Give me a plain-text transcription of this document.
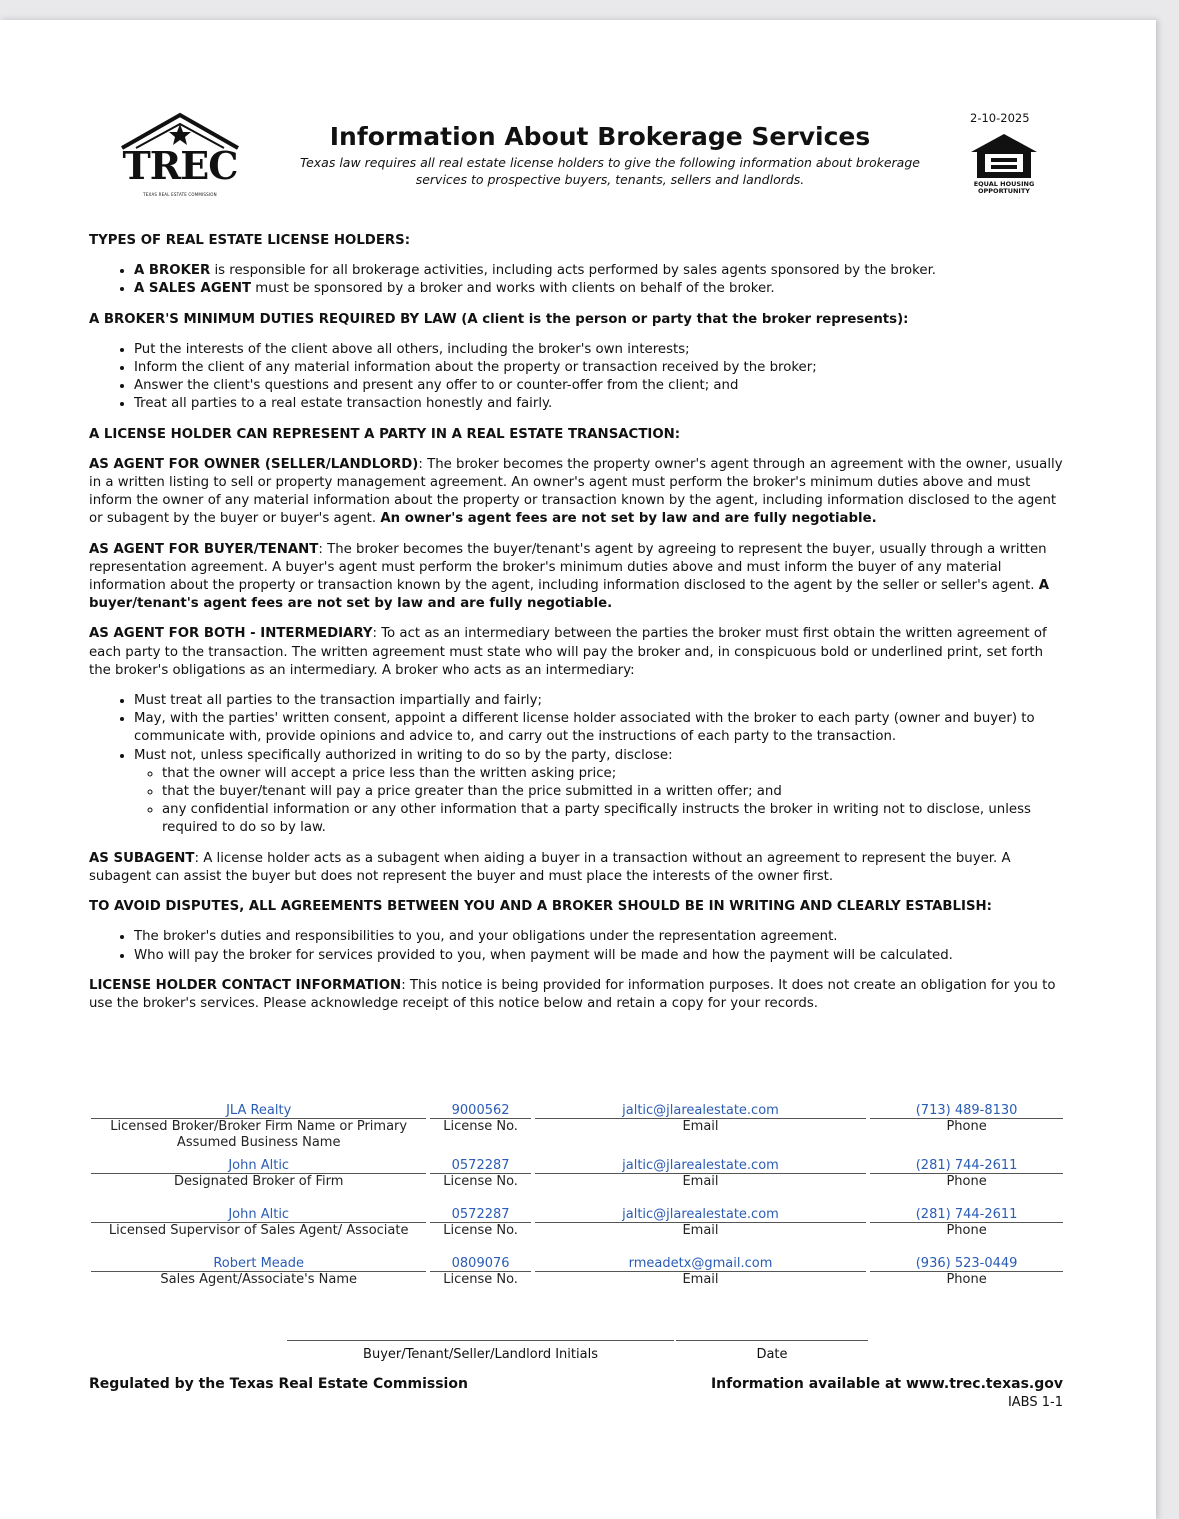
TREC
TEXAS REAL ESTATE COMMISSION
Information About Brokerage Services
Texas law requires all real estate license holders to give the following information about brokerage services to prospective buyers, tenants, sellers and landlords.
2-10-2025
EQUAL HOUSING OPPORTUNITY
TYPES OF REAL ESTATE LICENSE HOLDERS:
• A BROKER is responsible for all brokerage activities, including acts performed by sales agents sponsored by the broker.
• A SALES AGENT must be sponsored by a broker and works with clients on behalf of the broker.
A BROKER'S MINIMUM DUTIES REQUIRED BY LAW (A client is the person or party that the broker represents):
• Put the interests of the client above all others, including the broker's own interests;
• Inform the client of any material information about the property or transaction received by the broker;
• Answer the client's questions and present any offer to or counter-offer from the client; and
• Treat all parties to a real estate transaction honestly and fairly.
A LICENSE HOLDER CAN REPRESENT A PARTY IN A REAL ESTATE TRANSACTION:

AS AGENT FOR OWNER (SELLER/LANDLORD): The broker becomes the property owner's agent through an agreement with the owner, usually in a written listing to sell or property management agreement. An owner's agent must perform the broker's minimum duties above and must inform the owner of any material information about the property or transaction known by the agent, including information disclosed to the agent or subagent by the buyer or buyer's agent. An owner's agent fees are not set by law and are fully negotiable.

AS AGENT FOR BUYER/TENANT: The broker becomes the buyer/tenant's agent by agreeing to represent the buyer, usually through a written representation agreement. A buyer's agent must perform the broker's minimum duties above and must inform the buyer of any material information about the property or transaction known by the agent, including information disclosed to the agent by the seller or seller's agent. A buyer/tenant's agent fees are not set by law and are fully negotiable.

AS AGENT FOR BOTH - INTERMEDIARY: To act as an intermediary between the parties the broker must first obtain the written agreement of each party to the transaction. The written agreement must state who will pay the broker and, in conspicuous bold or underlined print, set forth the broker's obligations as an intermediary. A broker who acts as an intermediary:

• Must treat all parties to the transaction impartially and fairly;
• May, with the parties' written consent, appoint a different license holder associated with the broker to each party (owner and buyer) to communicate with, provide opinions and advice to, and carry out the instructions of each party to the transaction.
• Must not, unless specifically authorized in writing to do so by the party, disclose:
◦ that the owner will accept a price less than the written asking price;
◦ that the buyer/tenant will pay a price greater than the price submitted in a written offer; and
◦ any confidential information or any other information that a party specifically instructs the broker in writing not to disclose, unless required to do so by law.

AS SUBAGENT: A license holder acts as a subagent when aiding a buyer in a transaction without an agreement to represent the buyer. A subagent can assist the buyer but does not represent the buyer and must place the interests of the owner first.

TO AVOID DISPUTES, ALL AGREEMENTS BETWEEN YOU AND A BROKER SHOULD BE IN WRITING AND CLEARLY ESTABLISH:
• The broker's duties and responsibilities to you, and your obligations under the representation agreement.
• Who will pay the broker for services provided to you, when payment will be made and how the payment will be calculated.

LICENSE HOLDER CONTACT INFORMATION: This notice is being provided for information purposes. It does not create an obligation for you to use the broker's services. Please acknowledge receipt of this notice below and retain a copy for your records.

JLA Realty	9000562	jaltic@jlarealestate.com	(713) 489-8130
Licensed Broker/Broker Firm Name or Primary Assumed Business Name	License No.	Email	Phone
John Altic	0572287	jaltic@jlarealestate.com	(281) 744-2611
Designated Broker of Firm	License No.	Email	Phone
John Altic	0572287	jaltic@jlarealestate.com	(281) 744-2611
Licensed Supervisor of Sales Agent/ Associate	License No.	Email	Phone
Robert Meade	0809076	rmeadetx@gmail.com	(936) 523-0449
Sales Agent/Associate's Name	License No.	Email	Phone
Buyer/Tenant/Seller/Landlord Initials	Date
Regulated by the Texas Real Estate Commission	Information available at www.trec.texas.gov
IABS 1-1
